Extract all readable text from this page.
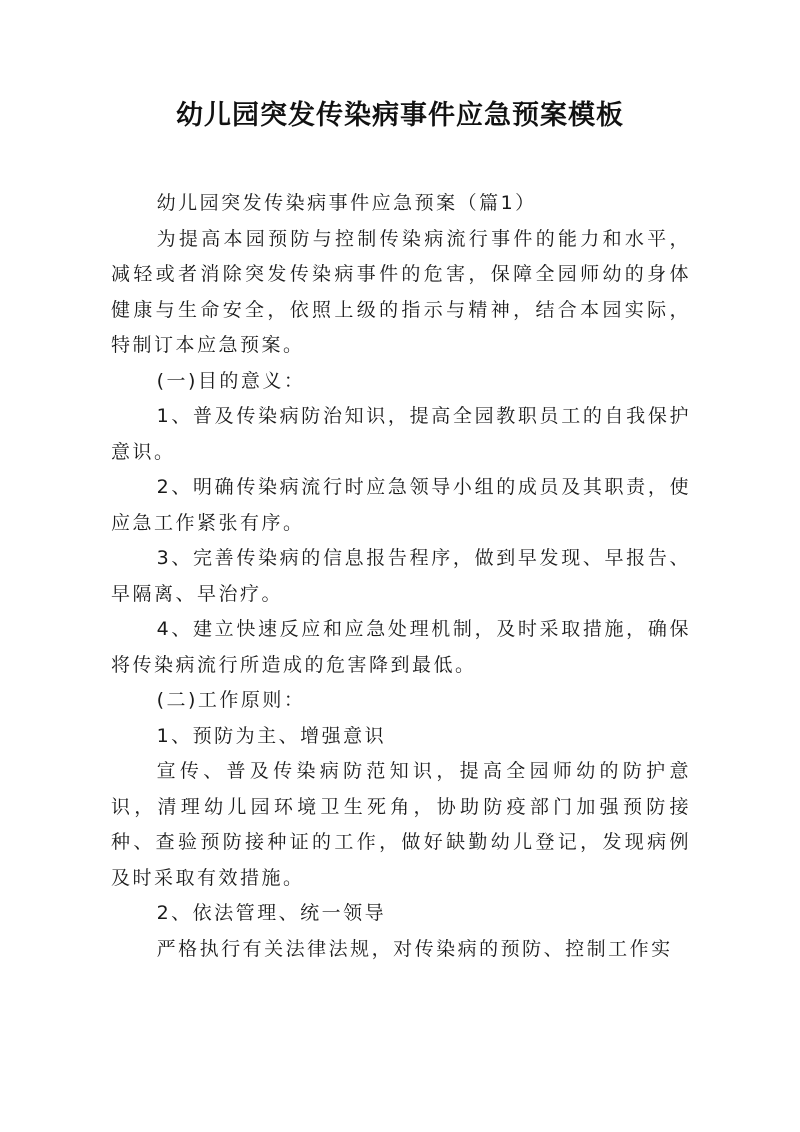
幼儿园突发传染病事件应急预案模板

幼儿园突发传染病事件应急预案（篇1）

为提高本园预防与控制传染病流行事件的能力和水平，减轻或者消除突发传染病事件的危害，保障全园师幼的身体健康与生命安全，依照上级的指示与精神，结合本园实际，特制订本应急预案。

(一)目的意义：

1、普及传染病防治知识，提高全园教职员工的自我保护意识。

2、明确传染病流行时应急领导小组的成员及其职责，使应急工作紧张有序。

3、完善传染病的信息报告程序，做到早发现、早报告、早隔离、早治疗。

4、建立快速反应和应急处理机制，及时采取措施，确保将传染病流行所造成的危害降到最低。

(二)工作原则：

1、预防为主、增强意识

宣传、普及传染病防范知识，提高全园师幼的防护意识，清理幼儿园环境卫生死角，协助防疫部门加强预防接种、查验预防接种证的工作，做好缺勤幼儿登记，发现病例及时采取有效措施。

2、依法管理、统一领导

严格执行有关法律法规，对传染病的预防、控制工作实
